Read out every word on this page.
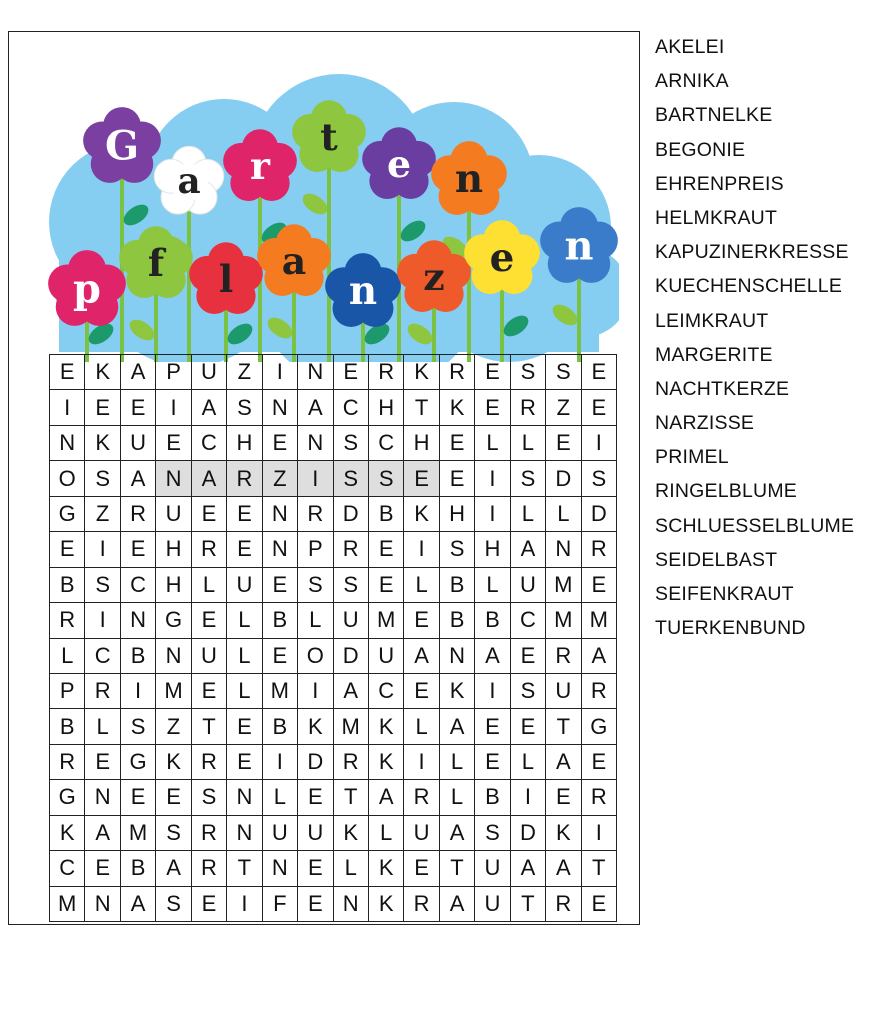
G
a r
t
e n
p
f l a
n z e n
E K A P U Z	I	N E R K R E S S E
I	E E	I	A S N A C H T K E R Z E
N K U E C H E N S C H E L	L E	I
O S A N A R Z	I	S S E E	I	S D S
G Z R U E E N R D B K H	I	L	L D
E	I	E H R E N P R E	I	S H A N R
B S C H L U E S S E L B L U M E
R	I	N G E L B L U M E B B C M M
L C B N U L E O D U A N A E R A
P R	I	M E L M	I	A C E K	I	S U R
B L S Z T E B K M K L A E E T G
R E G K R E	I	D R K	I	L E L A E
G N E E S N L E T A R L B	I	E R
K A M S R N U U K L U A S D K	I
C E B A R T N E L K E T U A A T
M N A S E	I	F E N K R A U T R E
AKELEI
ARNIKA
BARTNELKE
BEGONIE
EHRENPREIS
HELMKRAUT
KAPUZINERKRESSE
KUECHENSCHELLE
LEIMKRAUT
MARGERITE
NACHTKERZE
NARZISSE
PRIMEL
RINGELBLUME
SCHLUESSELBLUME
SEIDELBAST
SEIFENKRAUT
TUERKENBUND
